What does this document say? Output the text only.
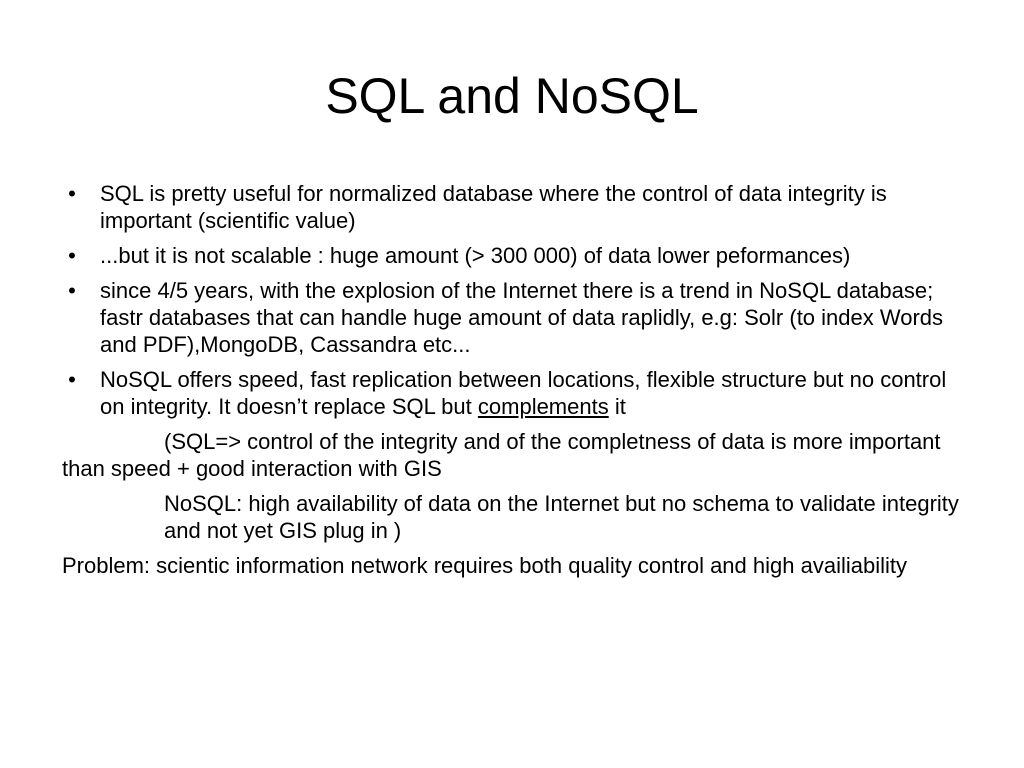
SQL and NoSQL
• SQL is pretty useful for normalized database where the control of data integrity is important (scientific value)
• ...but it is not scalable : huge amount (> 300 000) of data lower peformances)
• since 4/5 years, with the explosion of the Internet there is a trend in NoSQL database; fastr databases that can handle huge amount of data raplidly, e.g: Solr (to index Words and PDF),MongoDB, Cassandra etc...
• NoSQL offers speed, fast replication between locations, flexible structure but no control on integrity. It doesn’t replace SQL but complements it
(SQL=> control of the integrity and of the completness of data is more important than speed + good interaction with GIS
NoSQL: high availability of data on the Internet but no schema to validate integrity and not yet GIS plug in )
Problem: scientic information network requires both quality control and high availiability
